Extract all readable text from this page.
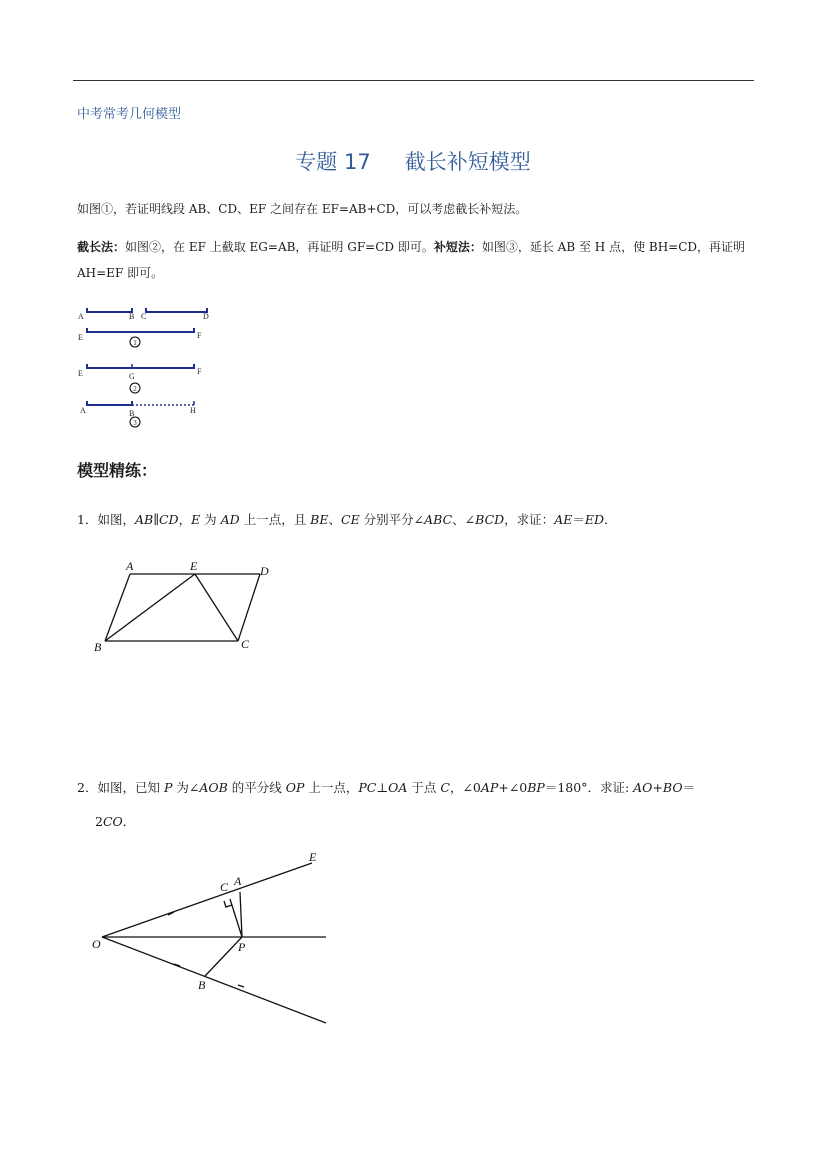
中考常考几何模型
专题 17 截长补短模型
如图①，若证明线段 AB、CD、EF 之间存在 EF=AB+CD，可以考虑截长补短法。
截长法：如图②，在 EF 上截取 EG=AB，再证明 GF=CD 即可。补短法：如图③，延长 AB 至 H 点，使 BH=CD，再证明
AH=EF 即可。
A	B C	D
E	F
E	G
F
A	B	H
1
2
3
模型精练：
1．如图，AB∥CD，E 为 AD 上一点，且 BE、CE 分别平分∠ABC、∠BCD，求证：AE＝ED．
A	E	D
B	C
2．如图，已知 P 为∠AOB 的平分线 OP 上一点，PC⊥OA 于点 C，∠0AP+∠0BP＝180°．求证: AO+BO＝
2CO．
E
C A
O	P
B
